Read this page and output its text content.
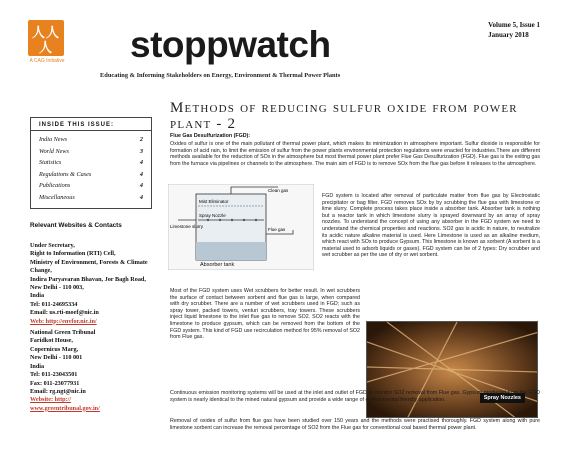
人 人
人
A CAG Initiative stoppwatch	Volume 5, Issue 1
January 2018
Educating & Informing Stakeholders on Energy, Environment & Thermal Power Plants
INSIDE THIS ISSUE:
India News	2
World News	3
Statistics	4
Regulations & Cases	4
Publications	4
Miscellaneous	4
Relevant Websites & Contacts
Under Secretary,
Right to Information (RTI) Cell,
Ministry of Environment, Forests & Climate Change,
Indira Paryavaran Bhavan, Jor Bagh Road,
New Delhi - 110 003,
India
Tel: 011-24695334
Email: us.rti-moef@nic.in
Web: http://envfor.nic.in/
National Green Tribunal
Faridkot House,
Copernicus Marg,
New Delhi - 110 001
India
Tel: 011-23043501
Fax: 011-23077931
Email: rg.ngt@nic.in
Website: http://
www.greentribunal.gov.in/
Methods of reducing sulfur oxide from power plant - 2
Flue Gas Desulfurization (FGD):
Oxides of sulfur is one of the main pollutant of thermal power plant, which makes its minimization in atmosphere important. Sulfur dioxide is responsible for formation of acid rain, to limit the emission of sulfur from the power plants environmental protection regulations were enacted for industries.There are different methods available for the reduction of SOx in the atmosphere but most thermal power plant prefer Flue Gas Desulfurization (FGD). Flue gas is the exiting gas from the furnace via pipelines or channels to the atmosphere. The main aim of FGD is to remove SOx from the flue gas before it releases to the atmosphere.
Mist Eliminator
Spray Nozzle
Flue gas
Limestone slurry
Clean gas
Absorber tank
FGD system is located after removal of particulate matter from flue gas by Electrostatic precipitator or bag filter. FGD removes SOx by by scrubbing the flue gas with limestone or lime slurry. Complete process takes place inside a absorber tank. Absorber tank is nothing but a reactor tank in which limestone slurry is sprayed downward by an array of spray nozzles. To understand the concept of using any absorber in the FGD system we need to understand the chemical properties and reactions. SO2 gas is acidic in nature, to neutralize its acidic nature alkaline material is used. Here Limestone is used as an alkaline medium, which react with SOx to produce Gypsum. This limestone is known as sorbent (A sorbent is a material used to adsorb liquids or gases). FGD system can be of 2 types: Dry scrubber and wet scrubber as per the use of dry or wet sorbent.
Most of the FGD system uses Wet scrubbers for better result. In wet scrubbers the surface of contact between sorbent and flue gas is large, when compared with dry scrubber. There are a number of wet scrubbers used in FGD; such as spray tower, packed towers, venturi scrubbers, tray towers. These scrubbers inject liquid limestone to the inlet flue gas to remove SO2. SO2 reacts with the limestone to produce gypsum, which can be removed from the bottom of the FGD system. This kind of FGD use recirculation method for 95% removal of SO2 from Flue gas.
Spray Nozzles
Continuous emission monitoring systems will be used at the inlet and outlet of FGD to monitor SO2 removal from Flue gas. Gypsum produced from the FGD system is nearly identical to the mined natural gypsum and provide a wide range of environmental friendly application.
Removal of oxides of sulfur from flue gas have been studied over 150 years and the methods were practised thoroughly. FGD system along with pure limestone sorbent can increase the removal percentage of SO2 from the Flue gas for conventional coal based thermal power plant.
